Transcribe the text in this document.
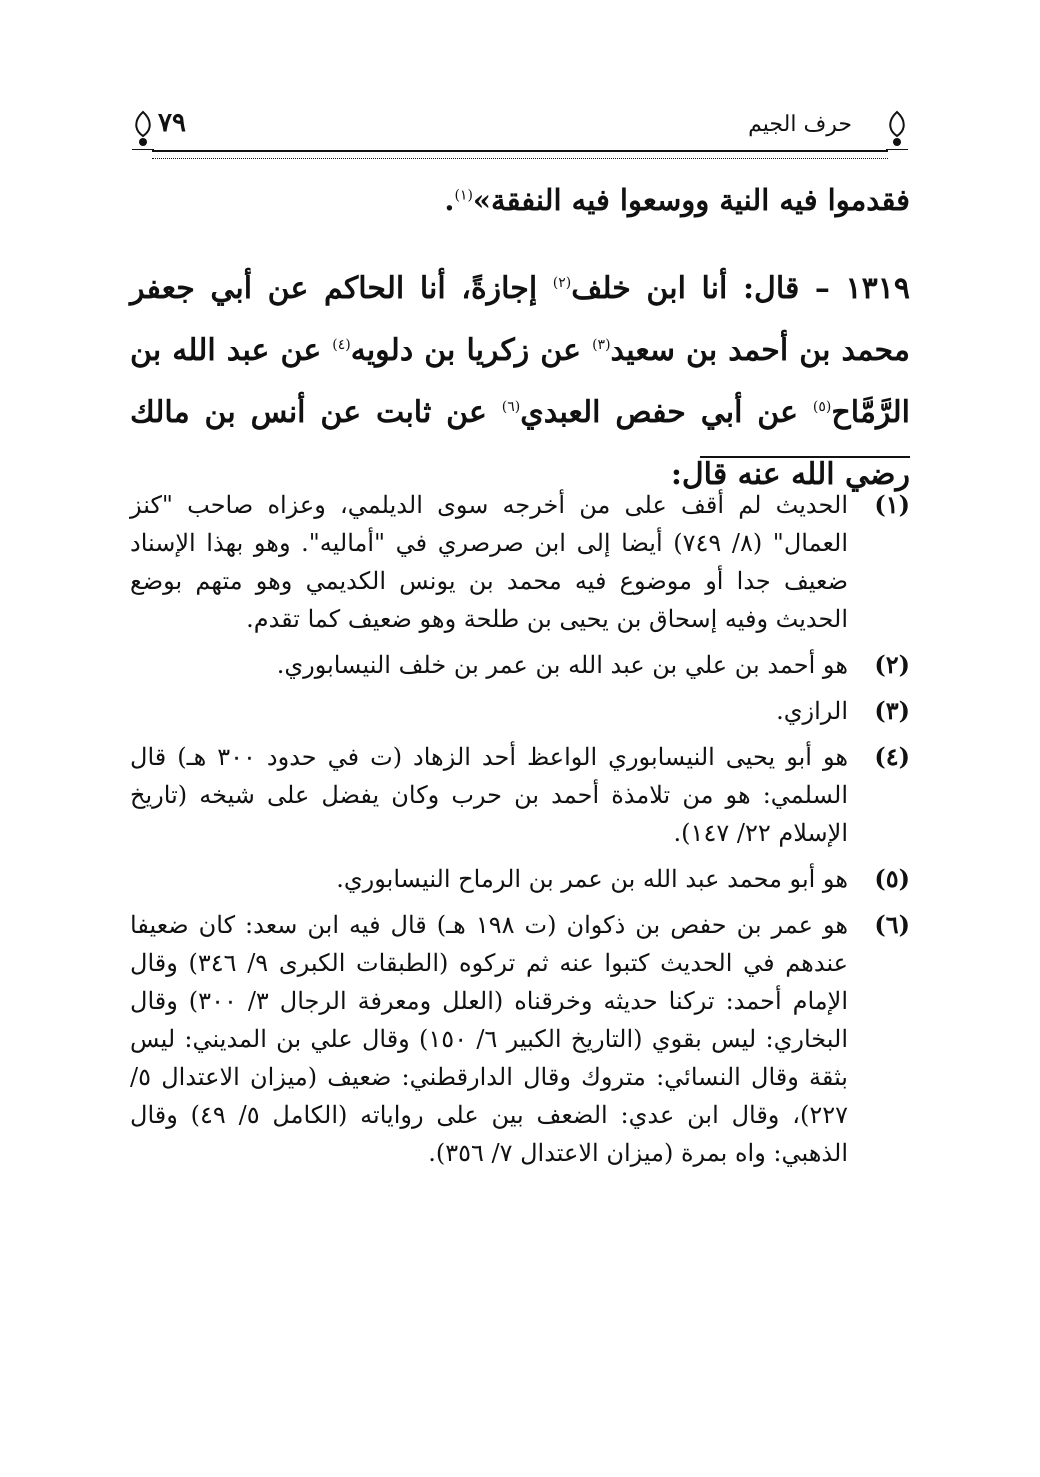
٧٩	حرف الجيم
فقدموا فيه النية ووسعوا فيه النفقة»$^{(١)}$.
١٣١٩ – قال: أنا ابن خلف$^{(٢)}$ إجازةً، أنا الحاكم عن أبي جعفر محمد بن أحمد بن سعيد$^{(٣)}$ عن زكريا بن دلويه$^{(٤)}$ عن عبد الله بن الرَّمَّاح$^{(٥)}$ عن أبي حفص العبدي$^{(٦)}$ عن ثابت عن أنس بن مالك رضي الله عنه قال:
(١)
الحديث لم أقف على من أخرجه سوى الديلمي، وعزاه صاحب "كنز العمال" (٨/ ٧٤٩) أيضا إلى ابن صرصري في "أماليه". وهو بهذا الإسناد ضعيف جدا أو موضوع فيه محمد بن يونس الكديمي وهو متهم بوضع الحديث وفيه إسحاق بن يحيى بن طلحة وهو ضعيف كما تقدم.
(٢)
هو أحمد بن علي بن عبد الله بن عمر بن خلف النيسابوري.
(٣)
الرازي.
(٤)
هو أبو يحيى النيسابوري الواعظ أحد الزهاد (ت في حدود ٣٠٠ هـ) قال السلمي: هو من تلامذة أحمد بن حرب وكان يفضل على شيخه (تاريخ الإسلام ٢٢/ ١٤٧).
(٥)
هو أبو محمد عبد الله بن عمر بن الرماح النيسابوري.
(٦)
هو عمر بن حفص بن ذكوان (ت ١٩٨ هـ) قال فيه ابن سعد: كان ضعيفا عندهم في الحديث كتبوا عنه ثم تركوه (الطبقات الكبرى ٩/ ٣٤٦) وقال الإمام أحمد: تركنا حديثه وخرقناه (العلل ومعرفة الرجال ٣/ ٣٠٠) وقال البخاري: ليس بقوي (التاريخ الكبير ٦/ ١٥٠) وقال علي بن المديني: ليس بثقة وقال النسائي: متروك وقال الدارقطني: ضعيف (ميزان الاعتدال ٥/ ٢٢٧)، وقال ابن عدي: الضعف بين على رواياته (الكامل ٥/ ٤٩) وقال الذهبي: واه بمرة (ميزان الاعتدال ٧/ ٣٥٦).
